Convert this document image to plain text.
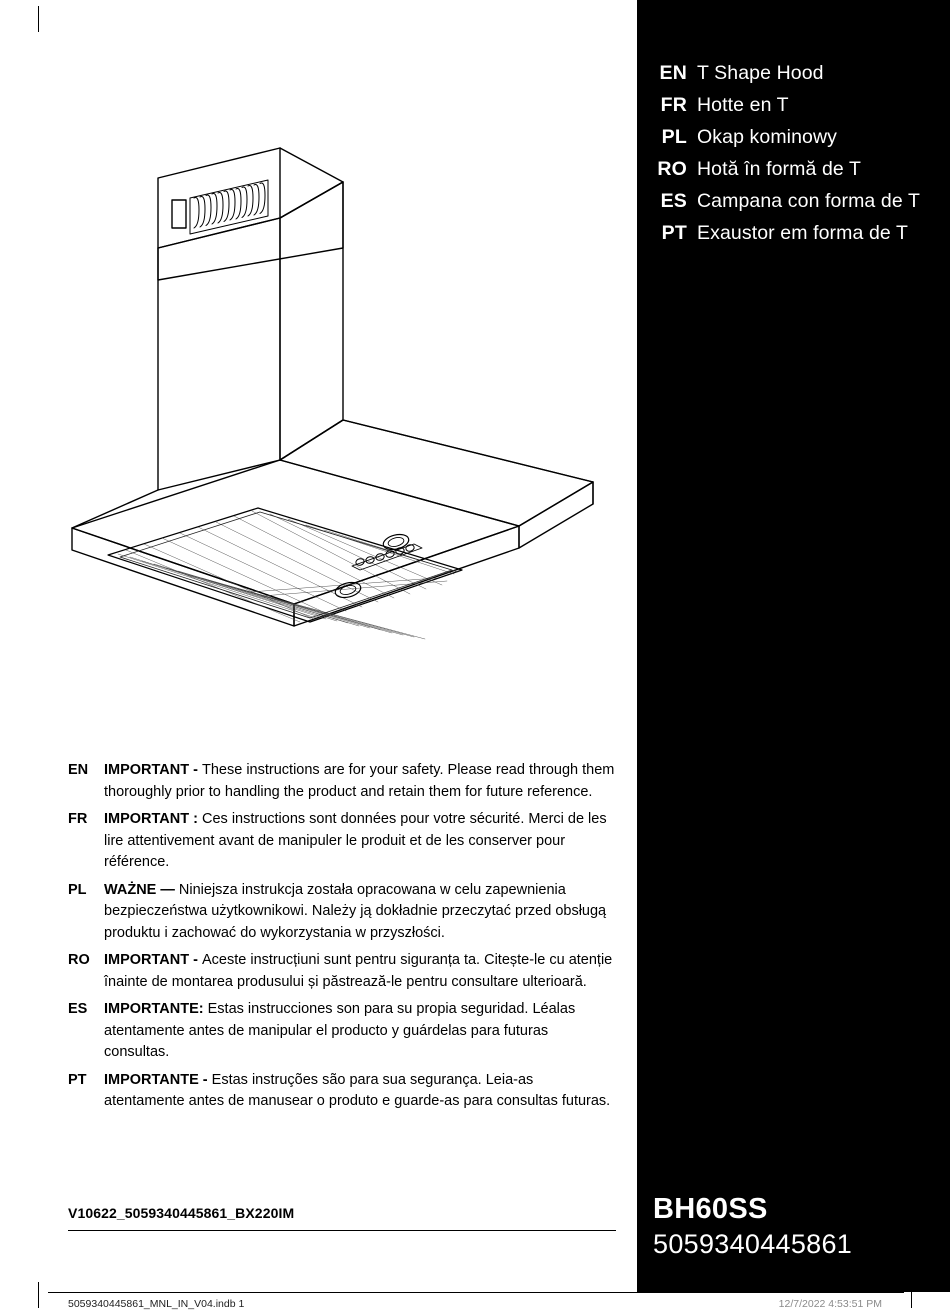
EN	IMPORTANT - These instructions are for your safety. Please read through them thoroughly prior to handling the product and retain them for future reference.
FR	IMPORTANT : Ces instructions sont données pour votre sécurité. Merci de les lire attentivement avant de manipuler le produit et de les conserver pour référence.
PL	WAŻNE — Niniejsza instrukcja została opracowana w celu zapewnienia bezpieczeństwa użytkownikowi. Należy ją dokładnie przeczytać przed obsługą produktu i zachować do wykorzystania w przyszłości.
RO IMPORTANT - Aceste instrucțiuni sunt pentru siguranța ta. Citește-le cu atenție înainte de montarea produsului și păstrează-le pentru consultare ulterioară.
ES	IMPORTANTE: Estas instrucciones son para su propia seguridad. Léalas atentamente antes de manipular el producto y guárdelas para futuras consultas.
PT	IMPORTANTE - Estas instruções são para sua segurança. Leia-as atentamente antes de manusear o produto e guarde-as para consultas futuras.
V10622_5059340445861_BX220IM
EN T Shape Hood
FR Hotte en T
PL Okap kominowy
RO Hotă în formă de T
ES Campana con forma de T
PT Exaustor em forma de T
BH60SS
5059340445861
5059340445861_MNL_IN_V04.indb 1	12/7/2022 4:53:51 PM
